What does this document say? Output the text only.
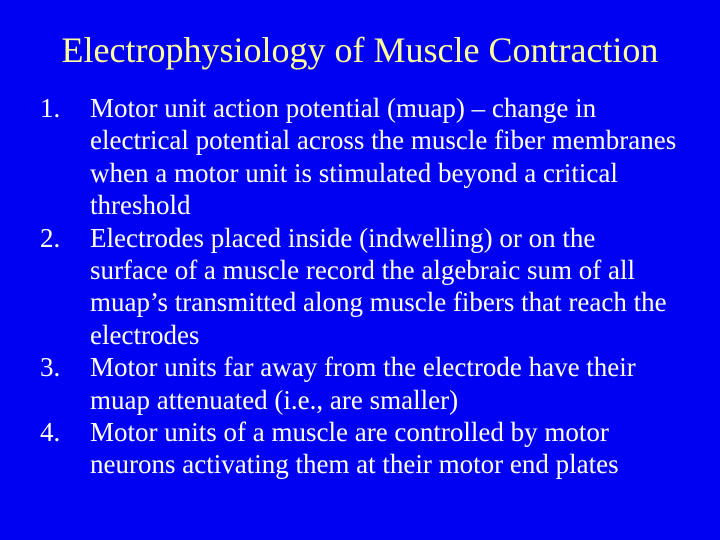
Electrophysiology of Muscle Contraction
1.	Motor unit action potential (muap) – change in electrical potential across the muscle fiber membranes when a motor unit is stimulated beyond a critical threshold
2.	Electrodes placed inside (indwelling) or on the surface of a muscle record the algebraic sum of all muap’s transmitted along muscle fibers that reach the electrodes
3.	Motor units far away from the electrode have their muap attenuated (i.e., are smaller)
4.	Motor units of a muscle are controlled by motor neurons activating them at their motor end plates
